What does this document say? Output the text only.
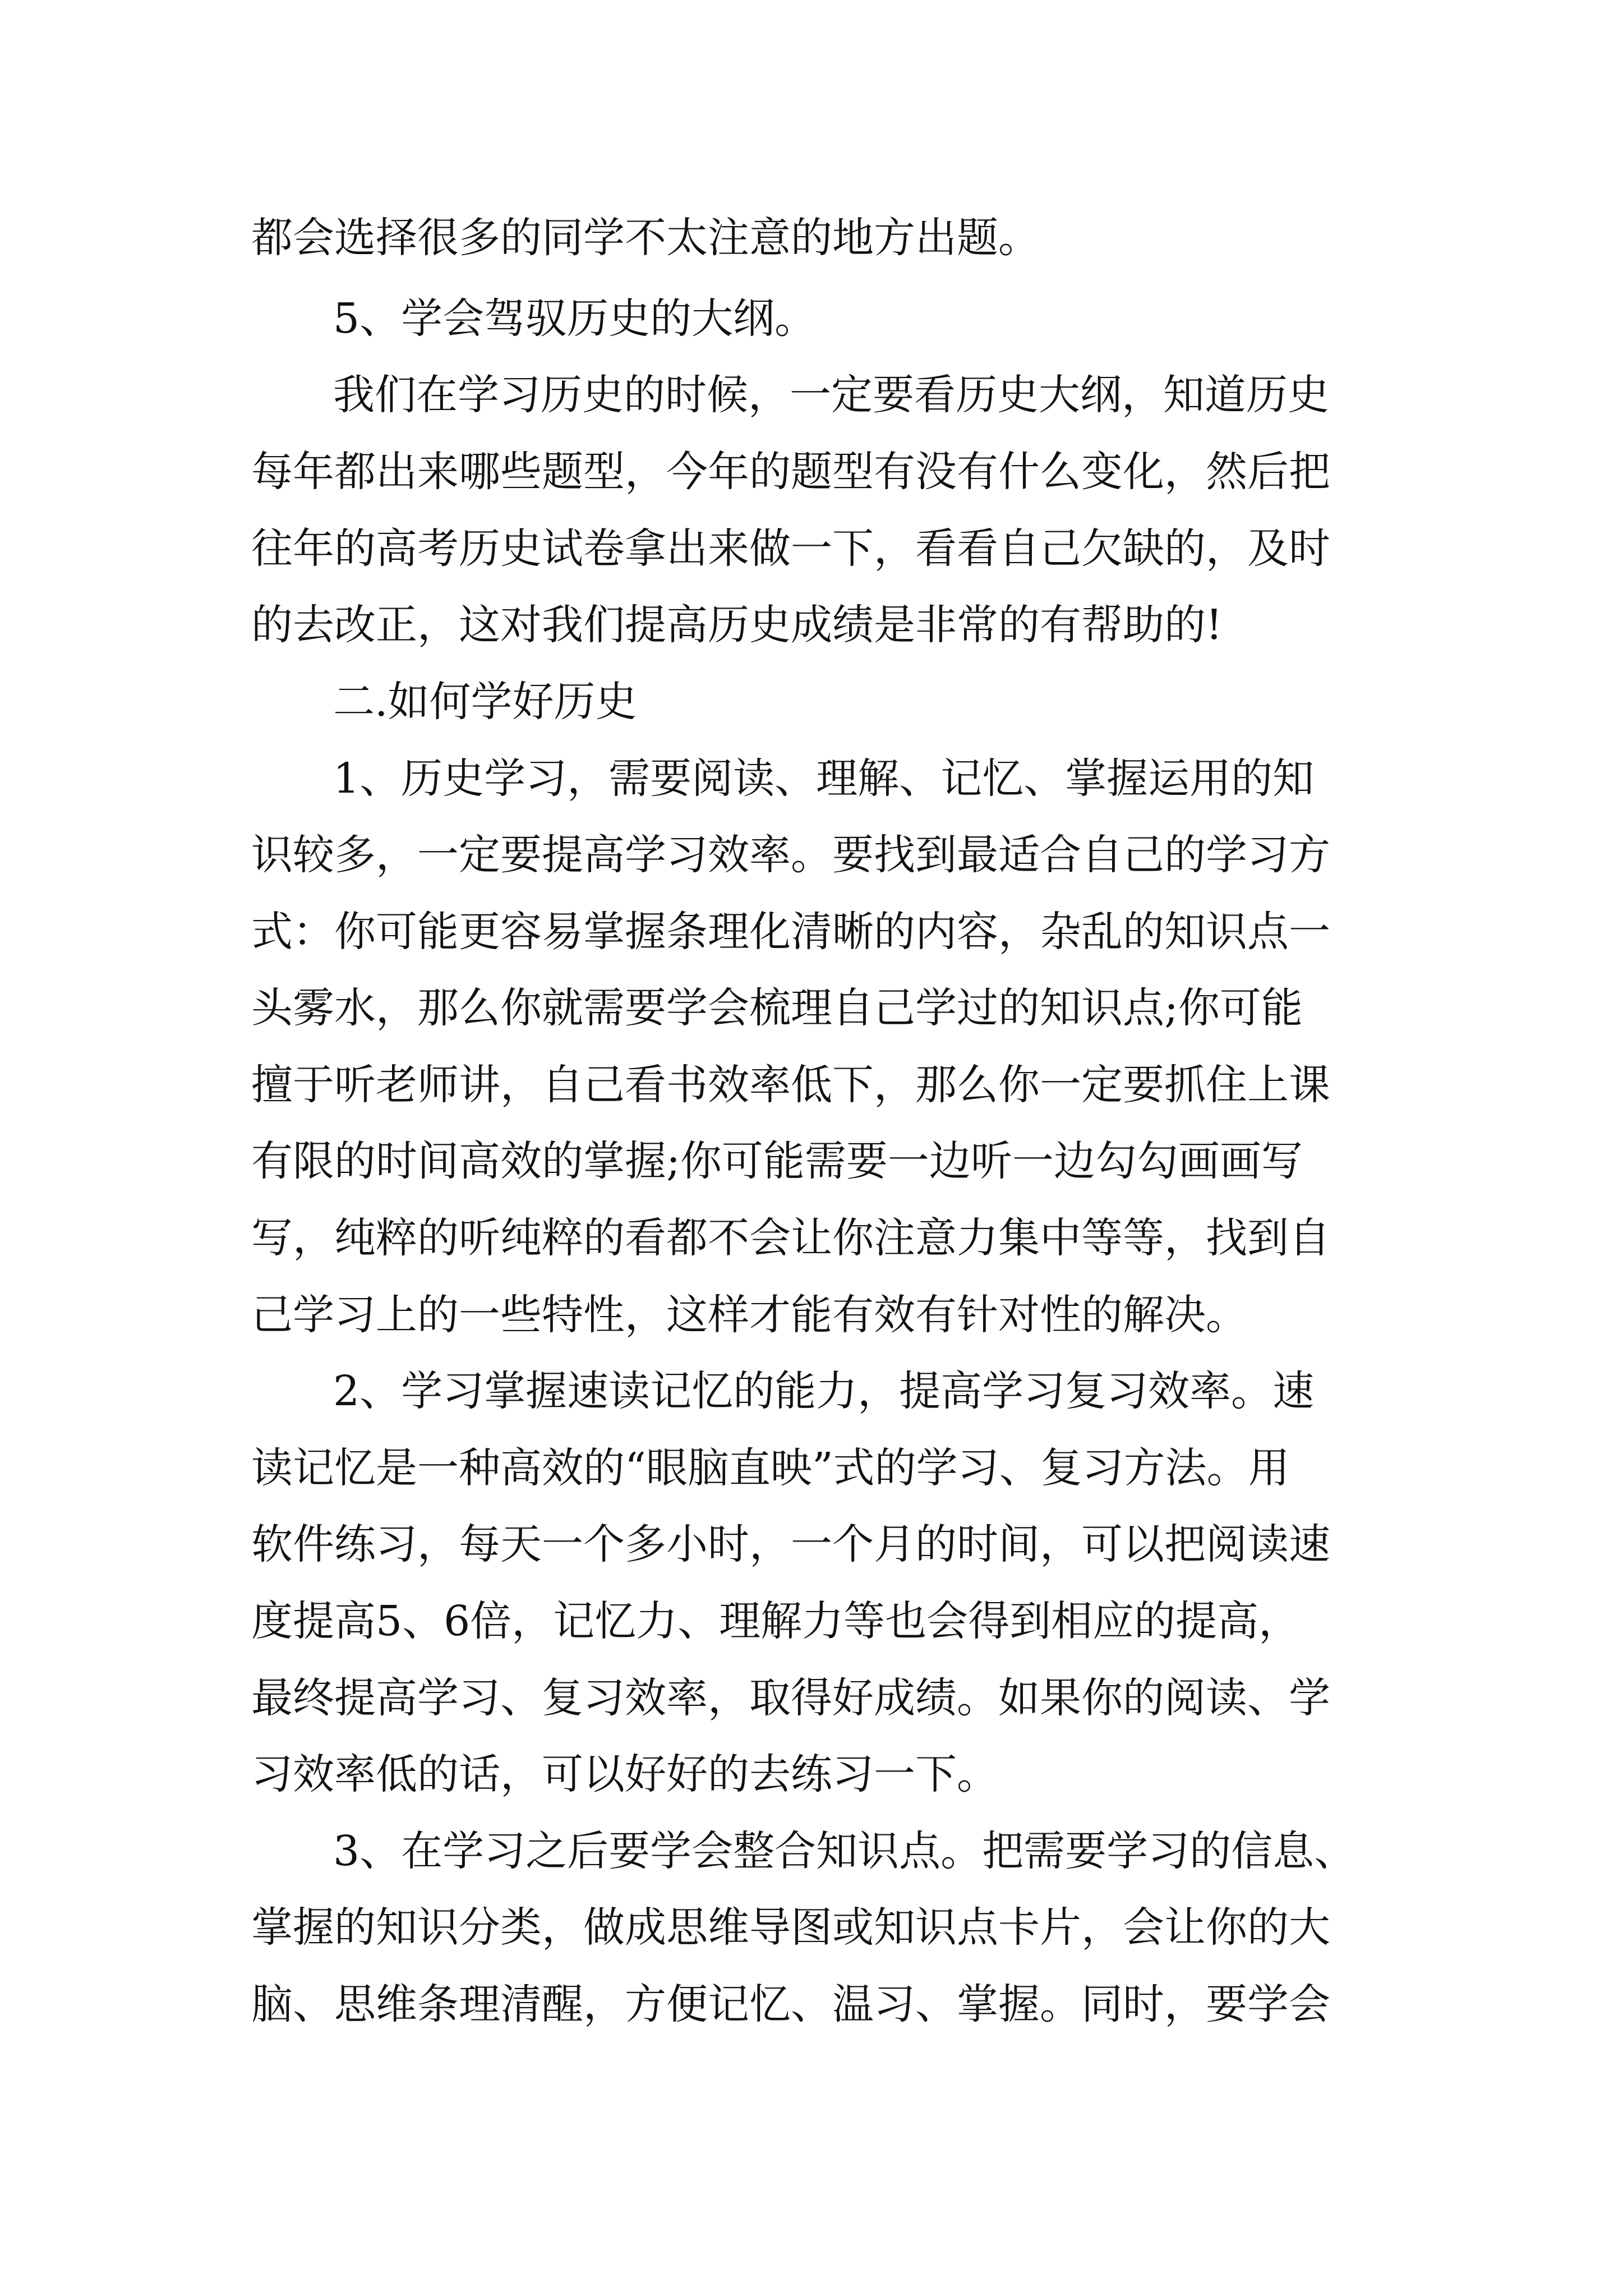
都会选择很多的同学不太注意的地方出题。

5、学会驾驭历史的大纲。

我们在学习历史的时候，一定要看历史大纲，知道历史

每年都出来哪些题型，今年的题型有没有什么变化，然后把

往年的高考历史试卷拿出来做一下，看看自己欠缺的，及时

的去改正，这对我们提高历史成绩是非常的有帮助的!

二.如何学好历史

1、历史学习，需要阅读、理解、记忆、掌握运用的知

识较多，一定要提高学习效率。要找到最适合自己的学习方

式：你可能更容易掌握条理化清晰的内容，杂乱的知识点一

头雾水，那么你就需要学会梳理自己学过的知识点;你可能

擅于听老师讲，自己看书效率低下，那么你一定要抓住上课

有限的时间高效的掌握;你可能需要一边听一边勾勾画画写

写，纯粹的听纯粹的看都不会让你注意力集中等等，找到自

己学习上的一些特性，这样才能有效有针对性的解决。

2、学习掌握速读记忆的能力，提高学习复习效率。速

读记忆是一种高效的“眼脑直映”式的学习、复习方法。用

软件练习，每天一个多小时，一个月的时间，可以把阅读速

度提高5、6倍，记忆力、理解力等也会得到相应的提高，

最终提高学习、复习效率，取得好成绩。如果你的阅读、学

习效率低的话，可以好好的去练习一下。

3、在学习之后要学会整合知识点。把需要学习的信息、

掌握的知识分类，做成思维导图或知识点卡片，会让你的大

脑、思维条理清醒，方便记忆、温习、掌握。同时，要学会
